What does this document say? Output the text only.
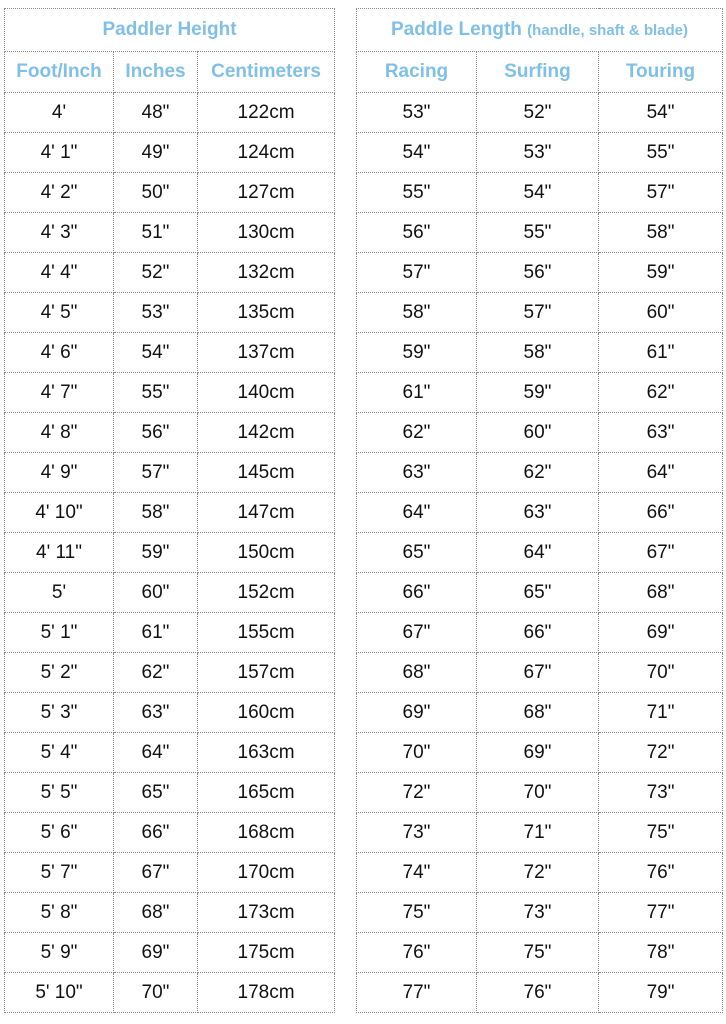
Paddler Height		
Foot/Inch	Inches	Centimeters
4'	48"	122cm
4' 1"	49"	124cm
4' 2"	50"	127cm
4' 3"	51"	130cm
4' 4"	52"	132cm
4' 5"	53"	135cm
4' 6"	54"	137cm
4' 7"	55"	140cm
4' 8"	56"	142cm
4' 9"	57"	145cm
4' 10"	58"	147cm
4' 11"	59"	150cm
5'	60"	152cm
5' 1"	61"	155cm
5' 2"	62"	157cm
5' 3"	63"	160cm
5' 4"	64"	163cm
5' 5"	65"	165cm
5' 6"	66"	168cm
5' 7"	67"	170cm
5' 8"	68"	173cm
5' 9"	69"	175cm
5' 10"	70"	178cm
Paddle Length (handle, shaft & blade)		
Racing	Surfing	Touring
53"	52"	54"
54"	53"	55"
55"	54"	57"
56"	55"	58"
57"	56"	59"
58"	57"	60"
59"	58"	61"
61"	59"	62"
62"	60"	63"
63"	62"	64"
64"	63"	66"
65"	64"	67"
66"	65"	68"
67"	66"	69"
68"	67"	70"
69"	68"	71"
70"	69"	72"
72"	70"	73"
73"	71"	75"
74"	72"	76"
75"	73"	77"
76"	75"	78"
77"	76"	79"
